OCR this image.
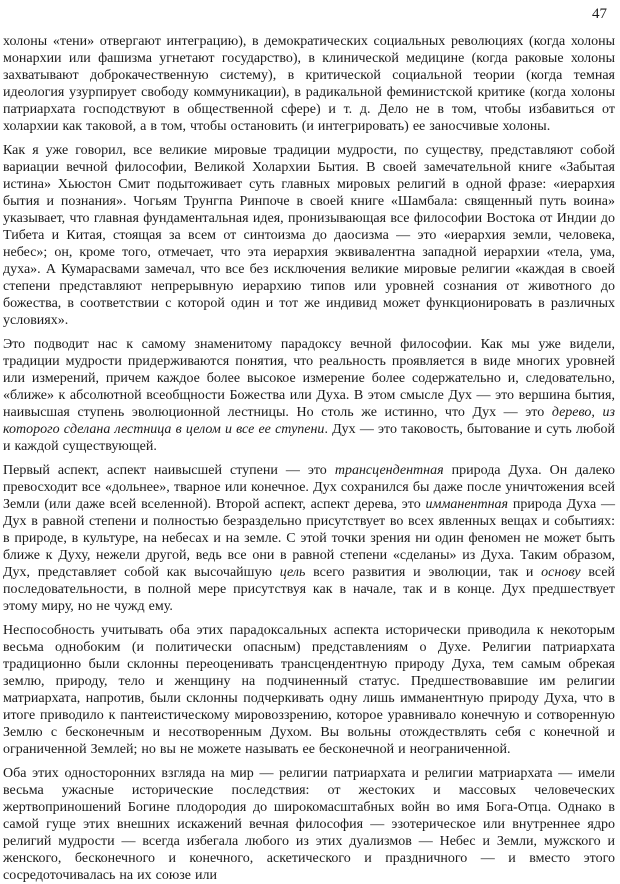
47

холоны «тени» отвергают интеграцию), в демократических социальных революциях (когда холоны монархии или фашизма угнетают государство), в клинической медицине (когда раковые холоны захватывают доброкачественную систему), в критической социальной теории (когда темная идеология узурпирует свободу коммуникации), в радикальной феминистской критике (когда холоны патриархата господствуют в общественной сфере) и т. д. Дело не в том, чтобы избавиться от холархии как таковой, а в том, чтобы остановить (и интегрировать) ее заносчивые холоны.

Как я уже говорил, все великие мировые традиции мудрости, по существу, представляют собой вариации вечной философии, Великой Холархии Бытия. В своей замечательной книге «Забытая истина» Хьюстон Смит подытоживает суть главных мировых религий в одной фразе: «иерархия бытия и познания». Чогьям Трунгпа Ринпоче в своей книге «Шамбала: священный путь воина» указывает, что главная фундаментальная идея, пронизывающая все философии Востока от Индии до Тибета и Китая, стоящая за всем от синтоизма до даосизма — это «иерархия земли, человека, небес»; он, кроме того, отмечает, что эта иерархия эквивалентна западной иерархии «тела, ума, духа». А Кумарасвами замечал, что все без исключения великие мировые религии «каждая в своей степени представляют непрерывную иерархию типов или уровней сознания от животного до божества, в соответствии с которой один и тот же индивид может функционировать в различных условиях».

Это подводит нас к самому знаменитому парадоксу вечной философии. Как мы уже видели, традиции мудрости придерживаются понятия, что реальность проявляется в виде многих уровней или измерений, причем каждое более высокое измерение более содержательно и, следовательно, «ближе» к абсолютной всеобщности Божества или Духа. В этом смысле Дух — это вершина бытия, наивысшая ступень эволюционной лестницы. Но столь же истинно, что Дух — это дерево, из которого сделана лестница в целом и все ее ступени. Дух — это таковость, бытование и суть любой и каждой существующей.

Первый аспект, аспект наивысшей ступени — это трансцендентная природа Духа. Он далеко превосходит все «дольнее», тварное или конечное. Дух сохранился бы даже после уничтожения всей Земли (или даже всей вселенной). Второй аспект, аспект дерева, это имманентная природа Духа — Дух в равной степени и полностью безраздельно присутствует во всех явленных вещах и событиях: в природе, в культуре, на небесах и на земле. С этой точки зрения ни один феномен не может быть ближе к Духу, нежели другой, ведь все они в равной степени «сделаны» из Духа. Таким образом, Дух, представляет собой как высочайшую цель всего развития и эволюции, так и основу всей последовательности, в полной мере присутствуя как в начале, так и в конце. Дух предшествует этому миру, но не чужд ему.

Неспособность учитывать оба этих парадоксальных аспекта исторически приводила к некоторым весьма однобоким (и политически опасным) представлениям о Духе. Религии патриархата традиционно были склонны переоценивать трансцендентную природу Духа, тем самым обрекая землю, природу, тело и женщину на подчиненный статус. Предшествовавшие им религии матриархата, напротив, были склонны подчеркивать одну лишь имманентную природу Духа, что в итоге приводило к пантеистическому мировоззрению, которое уравнивало конечную и сотворенную Землю с бесконечным и несотворенным Духом. Вы вольны отождествлять себя с конечной и ограниченной Землей; но вы не можете называть ее бесконечной и неограниченной.

Оба этих односторонних взгляда на мир — религии патриархата и религии матриархата — имели весьма ужасные исторические последствия: от жестоких и массовых человеческих жертвоприношений Богине плодородия до широкомасштабных войн во имя Бога-Отца. Однако в самой гуще этих внешних искажений вечная философия — эзотерическое или внутреннее ядро религий мудрости — всегда избегала любого из этих дуализмов — Небес и Земли, мужского и женского, бесконечного и конечного, аскетического и праздничного — и вместо этого сосредоточивалась на их союзе или
